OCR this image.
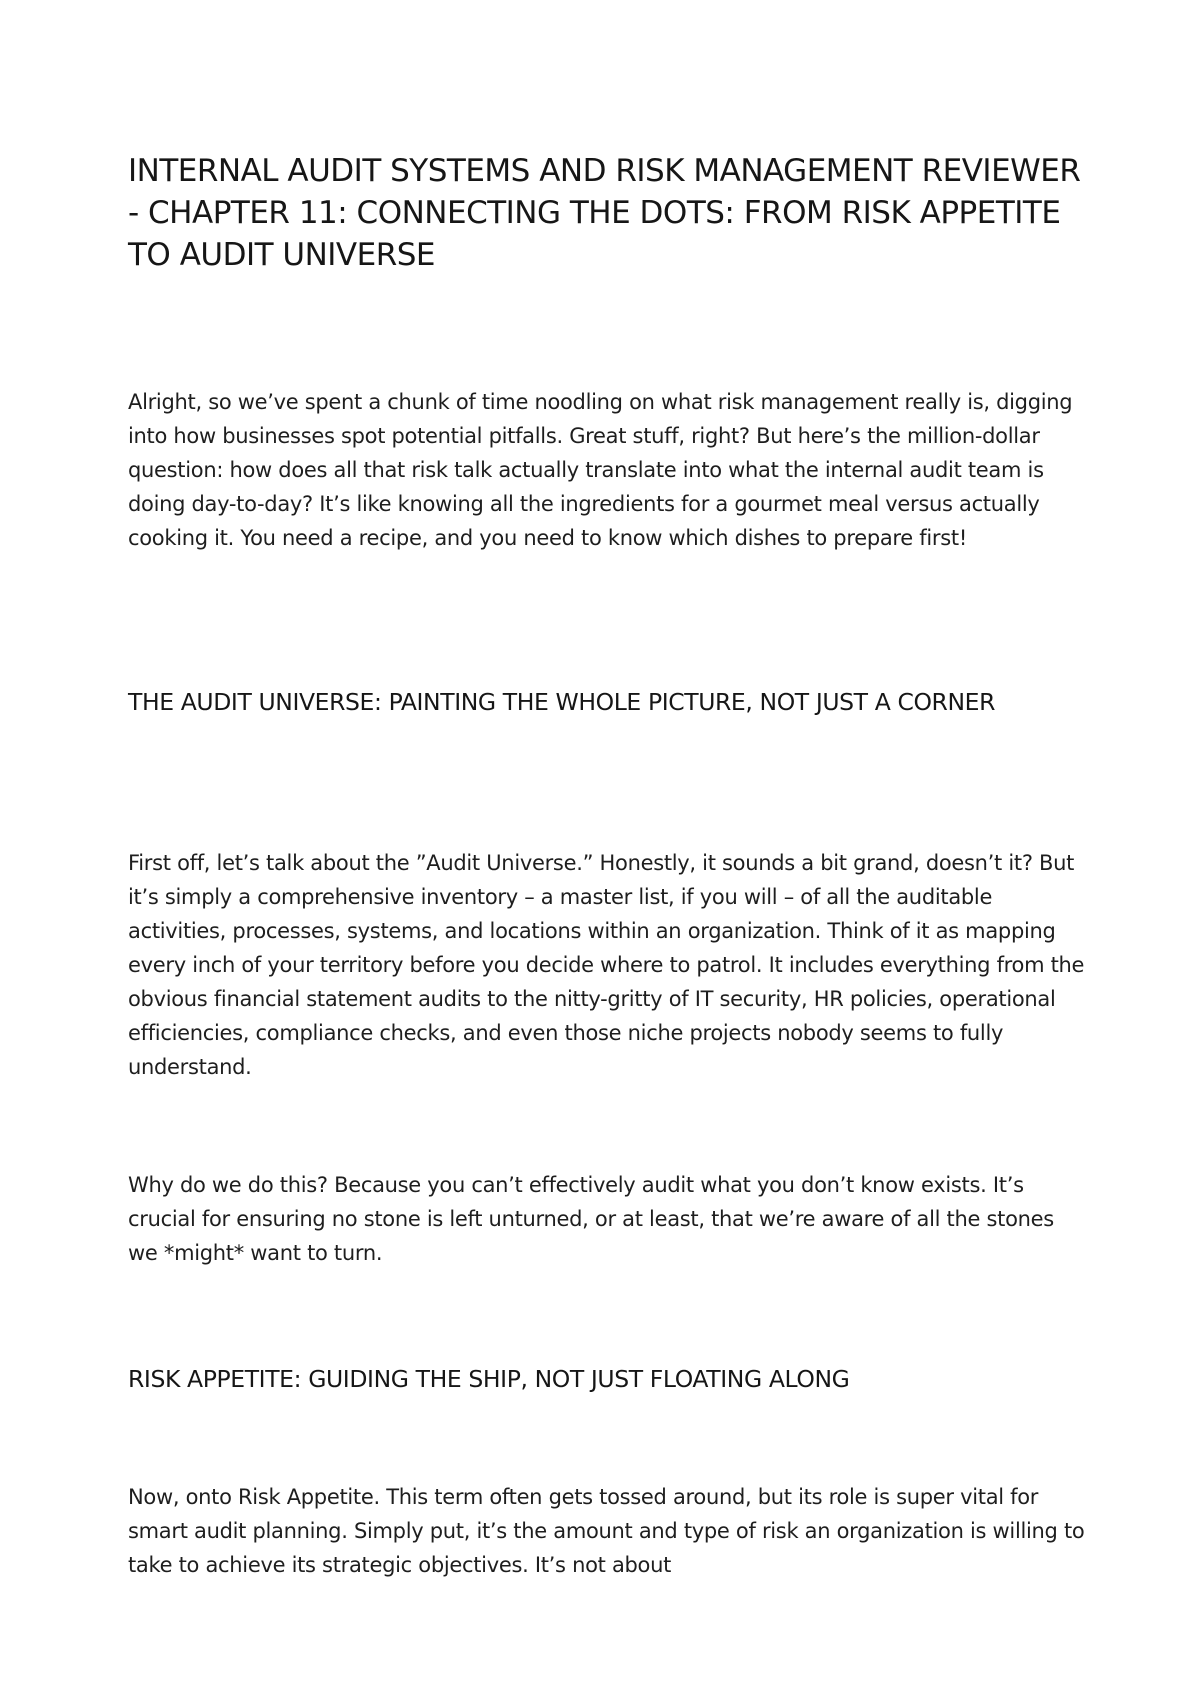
INTERNAL AUDIT SYSTEMS AND RISK MANAGEMENT REVIEWER - CHAPTER 11: CONNECTING THE DOTS: FROM RISK APPETITE TO AUDIT UNIVERSE

Alright, so we’ve spent a chunk of time noodling on what risk management really is, digging into how businesses spot potential pitfalls. Great stuff, right? But here’s the million-dollar question: how does all that risk talk actually translate into what the internal audit team is doing day-to-day? It’s like knowing all the ingredients for a gourmet meal versus actually cooking it. You need a recipe, and you need to know which dishes to prepare first!

THE AUDIT UNIVERSE: PAINTING THE WHOLE PICTURE, NOT JUST A CORNER

First off, let’s talk about the ”Audit Universe.” Honestly, it sounds a bit grand, doesn’t it? But it’s simply a comprehensive inventory – a master list, if you will – of all the auditable activities, processes, systems, and locations within an organization. Think of it as mapping every inch of your territory before you decide where to patrol. It includes everything from the obvious financial statement audits to the nitty-gritty of IT security, HR policies, operational efficiencies, compliance checks, and even those niche projects nobody seems to fully understand.

Why do we do this? Because you can’t effectively audit what you don’t know exists. It’s crucial for ensuring no stone is left unturned, or at least, that we’re aware of all the stones we *might* want to turn.

RISK APPETITE: GUIDING THE SHIP, NOT JUST FLOATING ALONG

Now, onto Risk Appetite. This term often gets tossed around, but its role is super vital for smart audit planning. Simply put, it’s the amount and type of risk an organization is willing to take to achieve its strategic objectives. It’s not about
